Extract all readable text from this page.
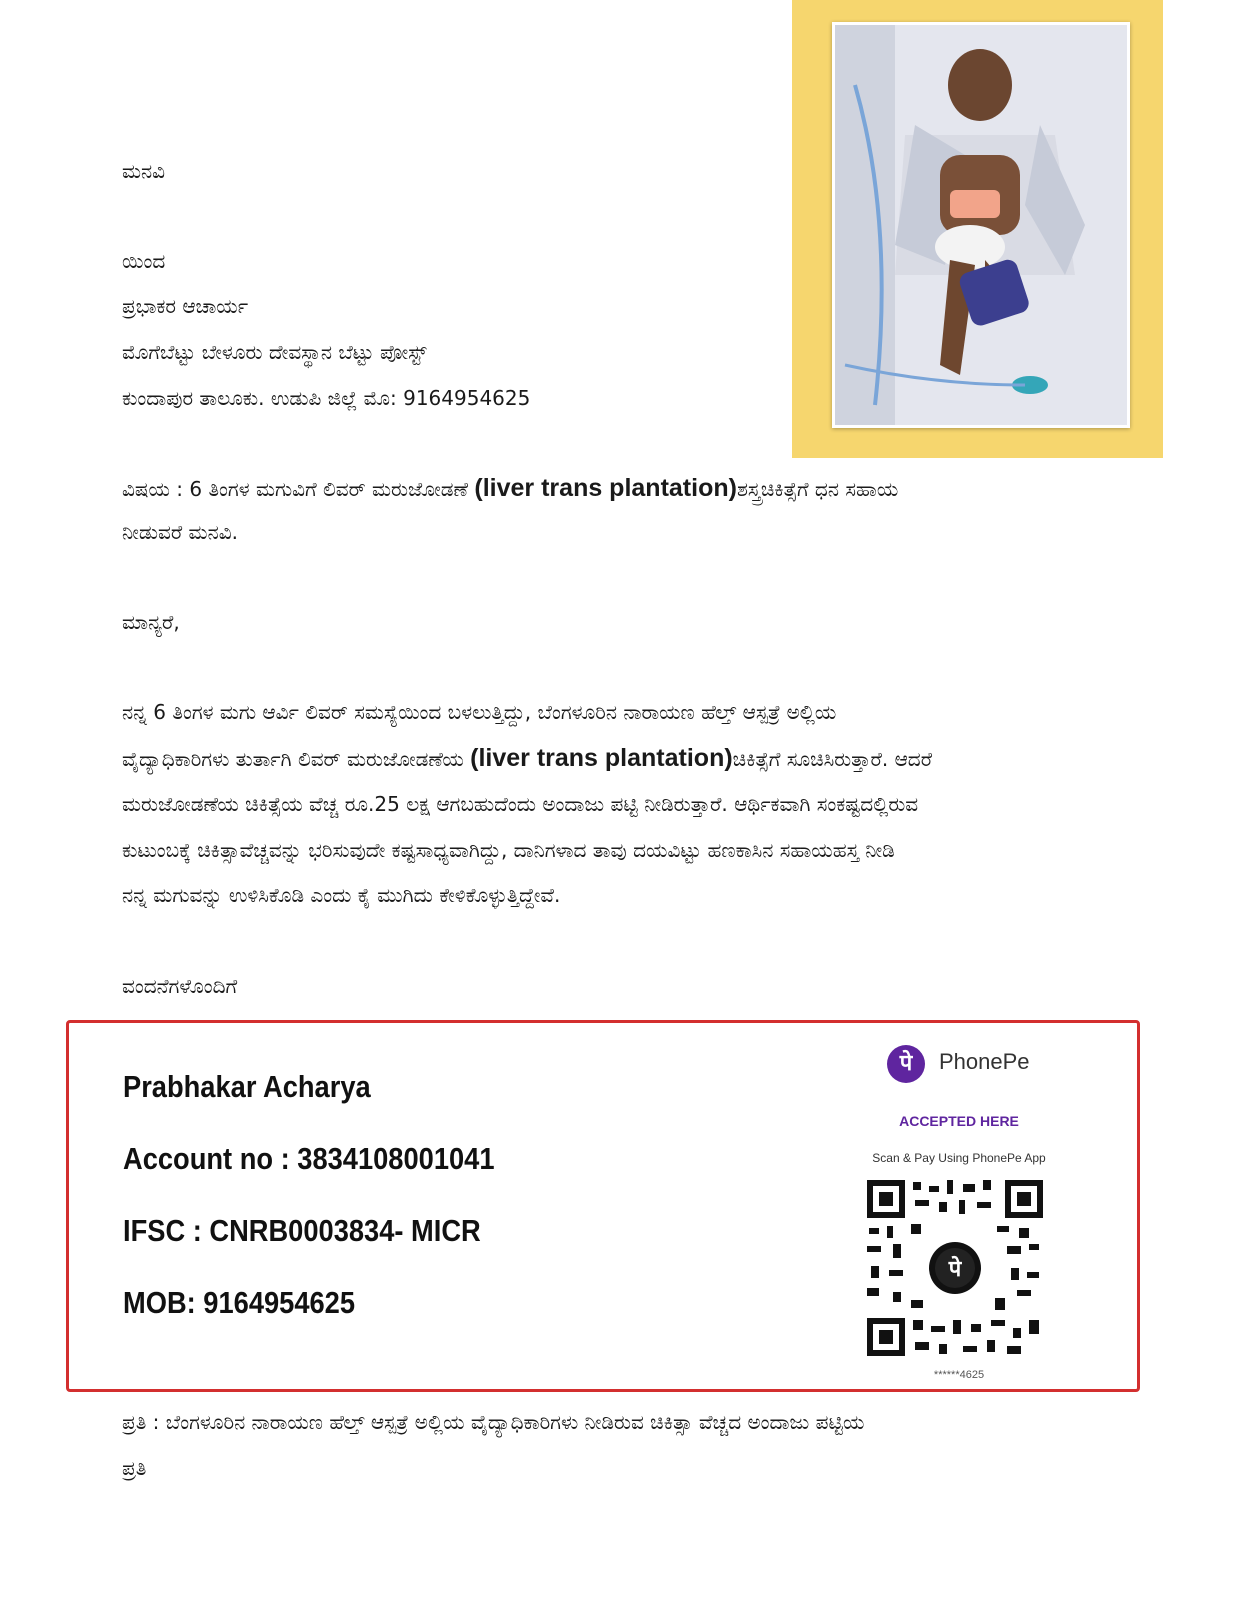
ಮನವಿ
ಯಿಂದ
ಪ್ರಭಾಕರ ಆಚಾರ್ಯ
ಮೊಗೆಬೆಟ್ಟು ಬೇಳೂರು ದೇವಸ್ಥಾನ ಬೆಟ್ಟು ಪೋಸ್ಟ್
ಕುಂದಾಪುರ ತಾಲೂಕು. ಉಡುಪಿ ಜಿಲ್ಲೆ ಮೊ: 9164954625
ವಿಷಯ : 6 ತಿಂಗಳ ಮಗುವಿಗೆ ಲಿವರ್ ಮರುಜೋಡಣೆ (liver trans plantation)ಶಸ್ತ್ರಚಿಕಿತ್ಸೆಗೆ ಧನ ಸಹಾಯ
ನೀಡುವರೆ ಮನವಿ.
ಮಾನ್ಯರೆ,
ನನ್ನ 6 ತಿಂಗಳ ಮಗು ಆರ್ವಿ ಲಿವರ್ ಸಮಸ್ಯೆಯಿಂದ ಬಳಲುತ್ತಿದ್ದು, ಬೆಂಗಳೂರಿನ ನಾರಾಯಣ ಹೆಲ್ತ್ ಆಸ್ಪತ್ರೆ ಅಲ್ಲಿಯ
ವೈದ್ಯಾಧಿಕಾರಿಗಳು ತುರ್ತಾಗಿ ಲಿವರ್ ಮರುಜೋಡಣೆಯ (liver trans plantation)ಚಿಕಿತ್ಸೆಗೆ ಸೂಚಿಸಿರುತ್ತಾರೆ. ಆದರೆ
ಮರುಜೋಡಣೆಯ ಚಿಕಿತ್ಸೆಯ ವೆಚ್ಚ ರೂ.25 ಲಕ್ಷ ಆಗಬಹುದೆಂದು ಅಂದಾಜು ಪಟ್ಟಿ ನೀಡಿರುತ್ತಾರೆ. ಆರ್ಥಿಕವಾಗಿ ಸಂಕಷ್ಟದಲ್ಲಿರುವ
ಕುಟುಂಬಕ್ಕೆ ಚಿಕಿತ್ಸಾವೆಚ್ಚವನ್ನು ಭರಿಸುವುದೇ ಕಷ್ಟಸಾಧ್ಯವಾಗಿದ್ದು, ದಾನಿಗಳಾದ ತಾವು ದಯವಿಟ್ಟು ಹಣಕಾಸಿನ ಸಹಾಯಹಸ್ತ ನೀಡಿ
ನನ್ನ ಮಗುವನ್ನು ಉಳಿಸಿಕೊಡಿ ಎಂದು ಕೈ ಮುಗಿದು ಕೇಳಿಕೊಳ್ಳುತ್ತಿದ್ದೇವೆ.
ವಂದನೆಗಳೊಂದಿಗೆ
Prabhakar Acharya
Account no : 3834108001041
IFSC : CNRB0003834- MICR
MOB: 9164954625
पे	PhonePe
ACCEPTED HERE
Scan & Pay Using PhonePe App
पे
******4625
ಪ್ರತಿ : ಬೆಂಗಳೂರಿನ ನಾರಾಯಣ ಹೆಲ್ತ್ ಆಸ್ಪತ್ರೆ ಅಲ್ಲಿಯ ವೈದ್ಯಾಧಿಕಾರಿಗಳು ನೀಡಿರುವ ಚಿಕಿತ್ಸಾ ವೆಚ್ಚದ ಅಂದಾಜು ಪಟ್ಟಿಯ
ಪ್ರತಿ
